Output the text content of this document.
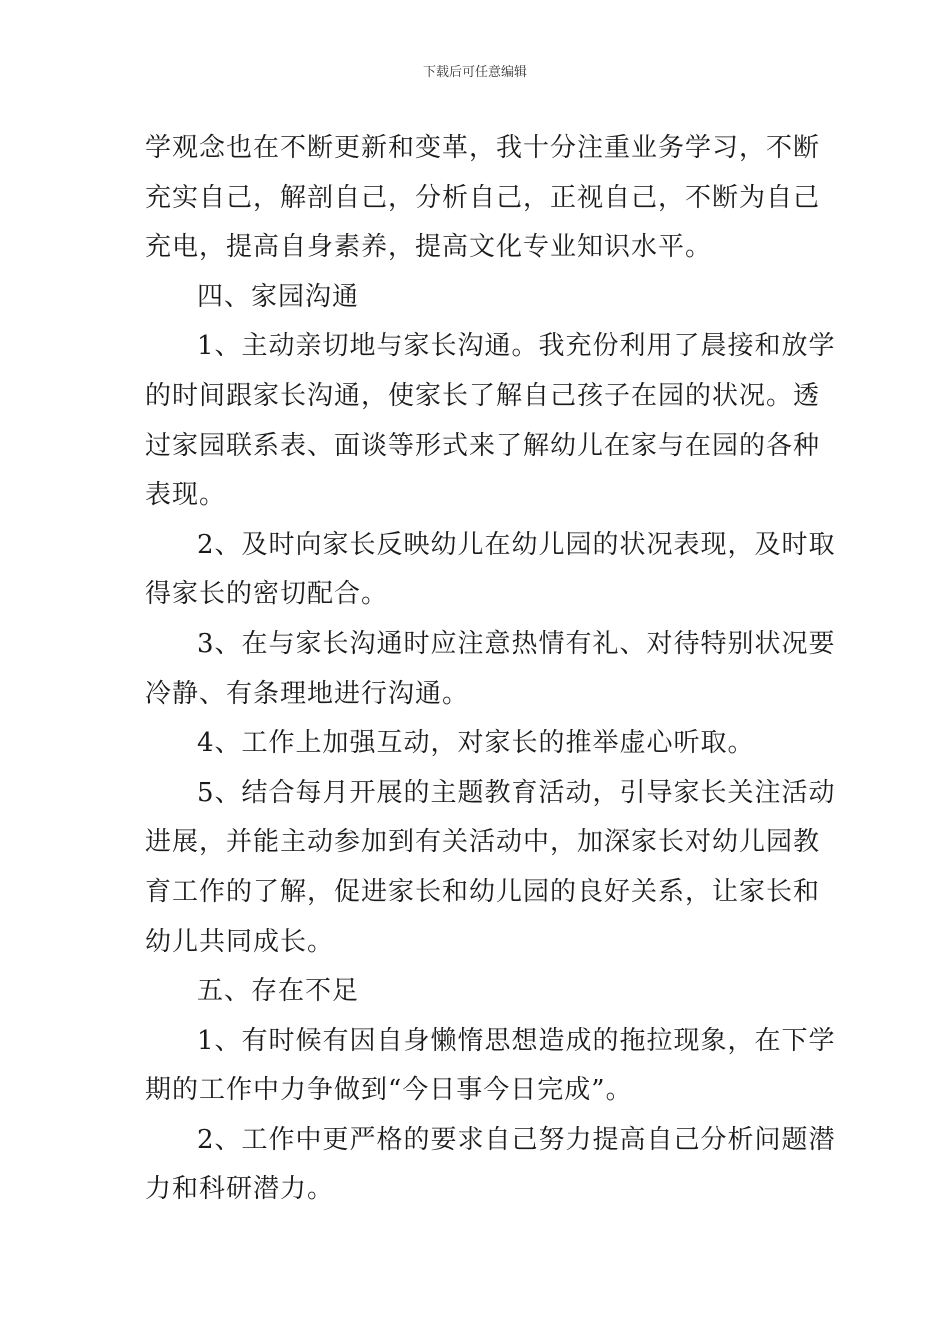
下载后可任意编辑
学观念也在不断更新和变革，我十分注重业务学习，不断
充实自己，解剖自己，分析自己，正视自己，不断为自己
充电，提高自身素养，提高文化专业知识水平。
四、家园沟通
1、主动亲切地与家长沟通。我充份利用了晨接和放学
的时间跟家长沟通，使家长了解自己孩子在园的状况。透
过家园联系表、面谈等形式来了解幼儿在家与在园的各种
表现。
2、及时向家长反映幼儿在幼儿园的状况表现，及时取
得家长的密切配合。
3、在与家长沟通时应注意热情有礼、对待特别状况要
冷静、有条理地进行沟通。
4、工作上加强互动，对家长的推举虚心听取。
5、结合每月开展的主题教育活动，引导家长关注活动
进展，并能主动参加到有关活动中，加深家长对幼儿园教
育工作的了解，促进家长和幼儿园的良好关系，让家长和
幼儿共同成长。
五、存在不足
1、有时候有因自身懒惰思想造成的拖拉现象，在下学
期的工作中力争做到“今日事今日完成”。
2、工作中更严格的要求自己努力提高自己分析问题潜
力和科研潜力。
